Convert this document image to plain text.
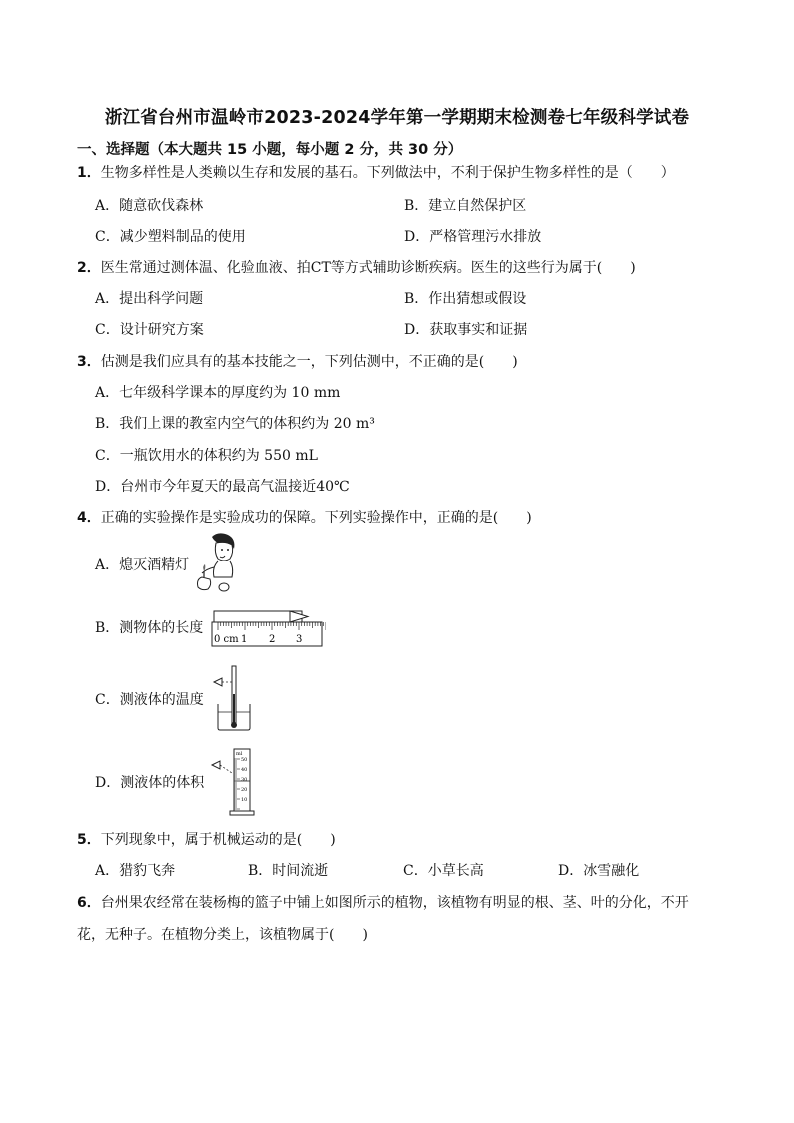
浙江省台州市温岭市2023-2024学年第一学期期末检测卷七年级科学试卷
一、选择题（本大题共 15 小题，每小题 2 分，共 30 分）
1．生物多样性是人类赖以生存和发展的基石。下列做法中，不利于保护生物多样性的是（　　）
A．随意砍伐森林	B．建立自然保护区
C．减少塑料制品的使用	D．严格管理污水排放
2．医生常通过测体温、化验血液、拍CT等方式辅助诊断疾病。医生的这些行为属于(　　)
A．提出科学问题	B．作出猜想或假设
C．设计研究方案	D．获取事实和证据
3．估测是我们应具有的基本技能之一，下列估测中，不正确的是(　　)
A．七年级科学课本的厚度约为 10 mm
B．我们上课的教室内空气的体积约为 20 m³
C．一瓶饮用水的体积约为 550 mL
D．台州市今年夏天的最高气温接近40℃
4．正确的实验操作是实验成功的保障。下列实验操作中，正确的是(　　)
A．熄灭酒精灯
B．测物体的长度
0 cm 1 2 3
C．测液体的温度
D．测液体的体积
ml
50
40
30
20
10
5．下列现象中，属于机械运动的是(　　)
A．猎豹飞奔	B．时间流逝	C．小草长高	D．冰雪融化
6．台州果农经常在装杨梅的篮子中铺上如图所示的植物，该植物有明显的根、茎、叶的分化，不开
花，无种子。在植物分类上，该植物属于(　　)
